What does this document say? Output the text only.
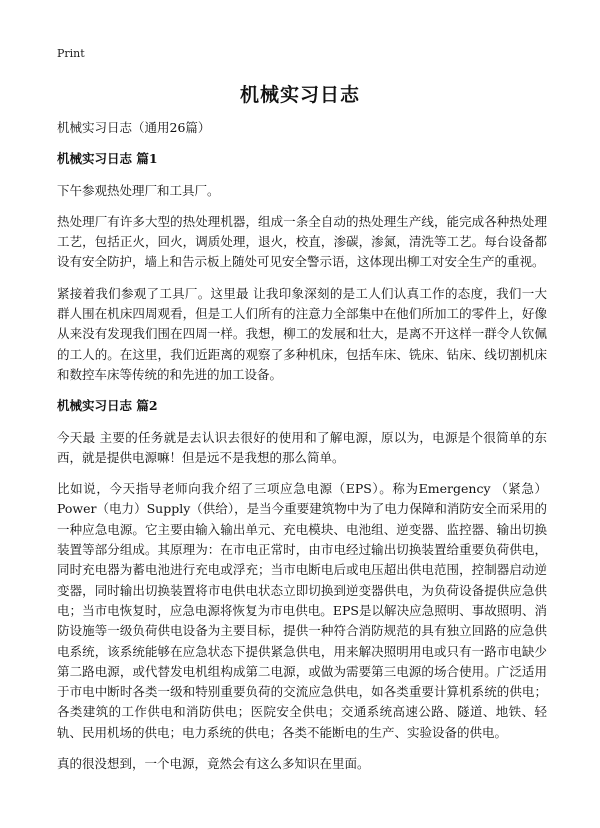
Print
机械实习日志

机械实习日志（通用26篇）

机械实习日志 篇1

下午参观热处理厂和工具厂。

热处理厂有许多大型的热处理机器，组成一条全自动的热处理生产线，能完成各种热处理工艺，包括正火，回火，调质处理，退火，校直，渗碳，渗氮，清洗等工艺。每台设备都设有安全防护，墙上和告示板上随处可见安全警示语，这体现出柳工对安全生产的重视。

紧接着我们参观了工具厂。这里最 让我印象深刻的是工人们认真工作的态度，我们一大群人围在机床四周观看，但是工人们所有的注意力全部集中在他们所加工的零件上，好像从来没有发现我们围在四周一样。我想，柳工的发展和壮大，是离不开这样一群令人钦佩的工人的。在这里，我们近距离的观察了多种机床，包括车床、铣床、钻床、线切割机床和数控车床等传统的和先进的加工设备。

机械实习日志 篇2

今天最 主要的任务就是去认识去很好的使用和了解电源，原以为，电源是个很简单的东西，就是提供电源嘛！但是远不是我想的那么简单。

比如说，今天指导老师向我介绍了三项应急电源（EPS）。称为Emergency （紧急）Power（电力）Supply（供给），是当今重要建筑物中为了电力保障和消防安全而采用的一种应急电源。它主要由输入输出单元、充电模块、电池组、逆变器、监控器、输出切换装置等部分组成。其原理为：在市电正常时，由市电经过输出切换装置给重要负荷供电，同时充电器为蓄电池进行充电或浮充；当市电断电后或电压超出供电范围，控制器启动逆变器，同时输出切换装置将市电供电状态立即切换到逆变器供电，为负荷设备提供应急供电；当市电恢复时，应急电源将恢复为市电供电。EPS是以解决应急照明、事故照明、消防设施等一级负荷供电设备为主要目标，提供一种符合消防规范的具有独立回路的应急供电系统，该系统能够在应急状态下提供紧急供电，用来解决照明用电或只有一路市电缺少第二路电源，或代替发电机组构成第二电源，或做为需要第三电源的场合使用。广泛适用于市电中断时各类一级和特别重要负荷的交流应急供电，如各类重要计算机系统的供电；各类建筑的工作供电和消防供电；医院安全供电；交通系统高速公路、隧道、地铁、轻轨、民用机场的供电；电力系统的供电；各类不能断电的生产、实验设备的供电。

真的很没想到，一个电源，竟然会有这么多知识在里面。
